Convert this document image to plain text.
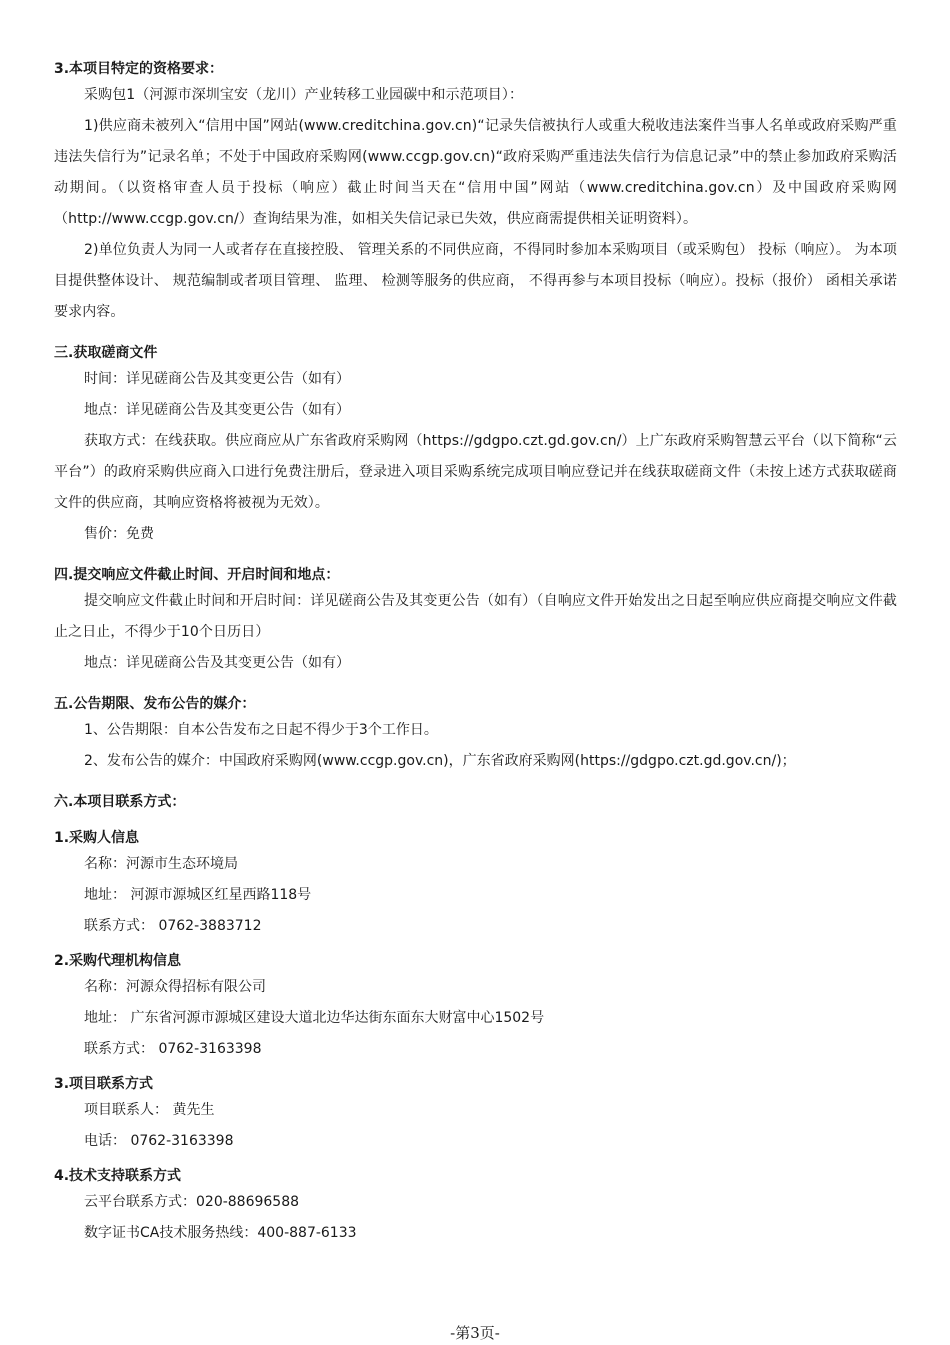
3.本项目特定的资格要求：

采购包1（河源市深圳宝安（龙川）产业转移工业园碳中和示范项目）：

1)供应商未被列入“信用中国”网站(www.creditchina.gov.cn)“记录失信被执行人或重大税收违法案件当事人名单或政府采购严重违法失信行为”记录名单；不处于中国政府采购网(www.ccgp.gov.cn)“政府采购严重违法失信行为信息记录”中的禁止参加政府采购活动期间。（以资格审查人员于投标（响应）截止时间当天在“信用中国”网站（www.creditchina.gov.cn）及中国政府采购网（http://www.ccgp.gov.cn/）查询结果为准，如相关失信记录已失效，供应商需提供相关证明资料）。

2)单位负责人为同一人或者存在直接控股、 管理关系的不同供应商，不得同时参加本采购项目（或采购包） 投标（响应）。 为本项目提供整体设计、 规范编制或者项目管理、 监理、 检测等服务的供应商， 不得再参与本项目投标（响应）。投标（报价） 函相关承诺要求内容。

三.获取磋商文件

时间：详见磋商公告及其变更公告（如有）

地点：详见磋商公告及其变更公告（如有）

获取方式：在线获取。供应商应从广东省政府采购网（https://gdgpo.czt.gd.gov.cn/）上广东政府采购智慧云平台（以下简称“云平台”）的政府采购供应商入口进行免费注册后，登录进入项目采购系统完成项目响应登记并在线获取磋商文件（未按上述方式获取磋商文件的供应商，其响应资格将被视为无效）。

售价：免费

四.提交响应文件截止时间、开启时间和地点：

提交响应文件截止时间和开启时间：详见磋商公告及其变更公告（如有）（自响应文件开始发出之日起至响应供应商提交响应文件截止之日止，不得少于10个日历日）

地点：详见磋商公告及其变更公告（如有）

五.公告期限、发布公告的媒介：

1、公告期限：自本公告发布之日起不得少于3个工作日。

2、发布公告的媒介：中国政府采购网(www.ccgp.gov.cn)，广东省政府采购网(https://gdgpo.czt.gd.gov.cn/)；

六.本项目联系方式：

1.采购人信息

名称：河源市生态环境局

地址： 河源市源城区红星西路118号

联系方式： 0762-3883712

2.采购代理机构信息

名称：河源众得招标有限公司

地址： 广东省河源市源城区建设大道北边华达街东面东大财富中心1502号

联系方式： 0762-3163398

3.项目联系方式

项目联系人： 黄先生

电话： 0762-3163398

4.技术支持联系方式

云平台联系方式：020-88696588

数字证书CA技术服务热线：400-887-6133

-第3页-
